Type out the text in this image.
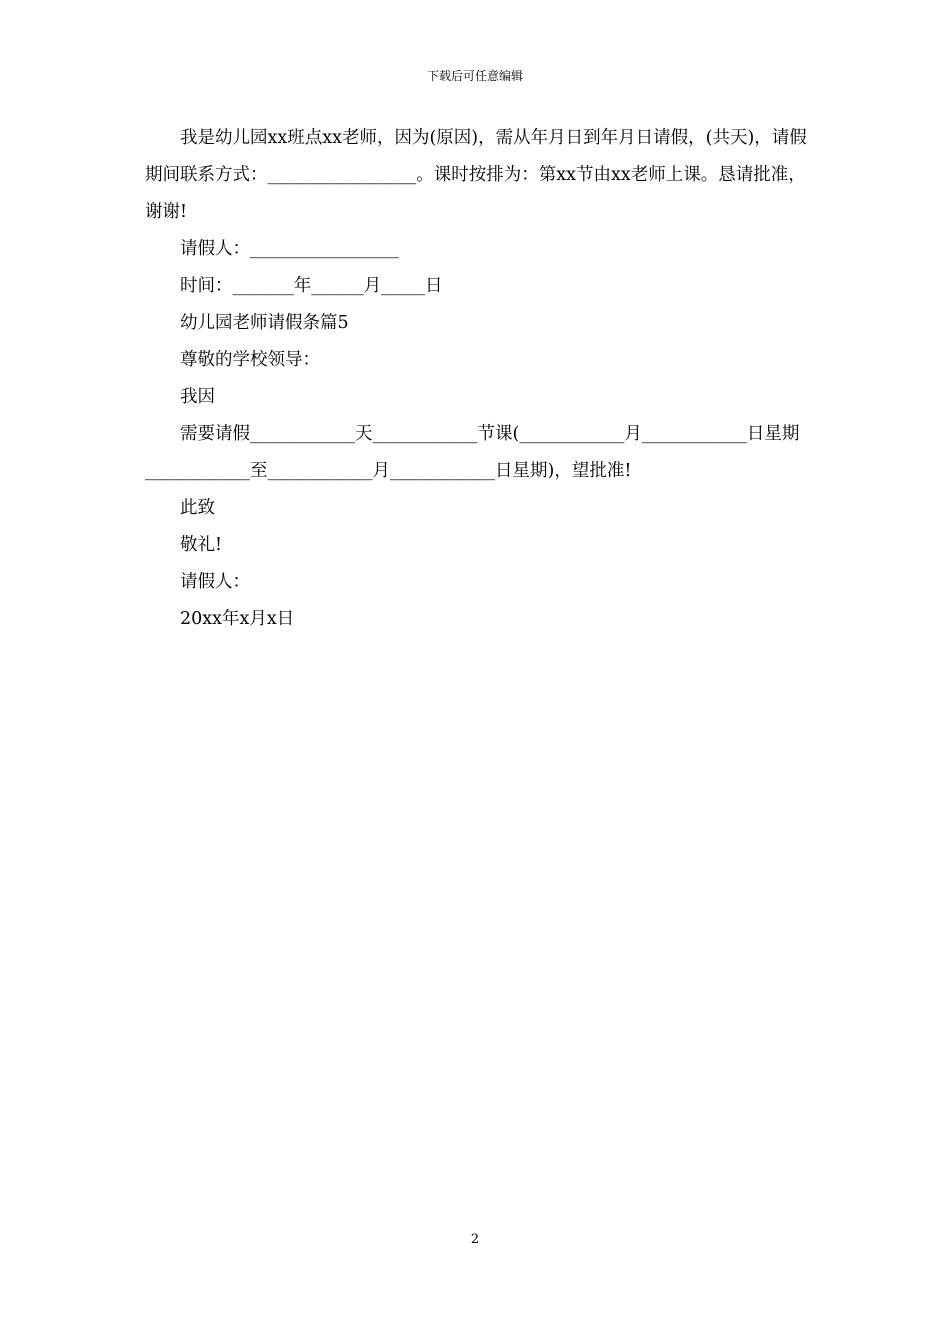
下载后可任意编辑

我是幼儿园xx班点xx老师，因为(原因)，需从年月日到年月日请假，(共天)，请假期间联系方式：_________________。课时按排为：第xx节由xx老师上课。恳请批准，谢谢!

请假人：_________________

时间：_______年______月_____日

幼儿园老师请假条篇5

尊敬的学校领导：

我因

需要请假____________天____________节课(____________月____________日星期____________至____________月____________日星期)，望批准!

此致

敬礼!

请假人：

20xx年x月x日

2
